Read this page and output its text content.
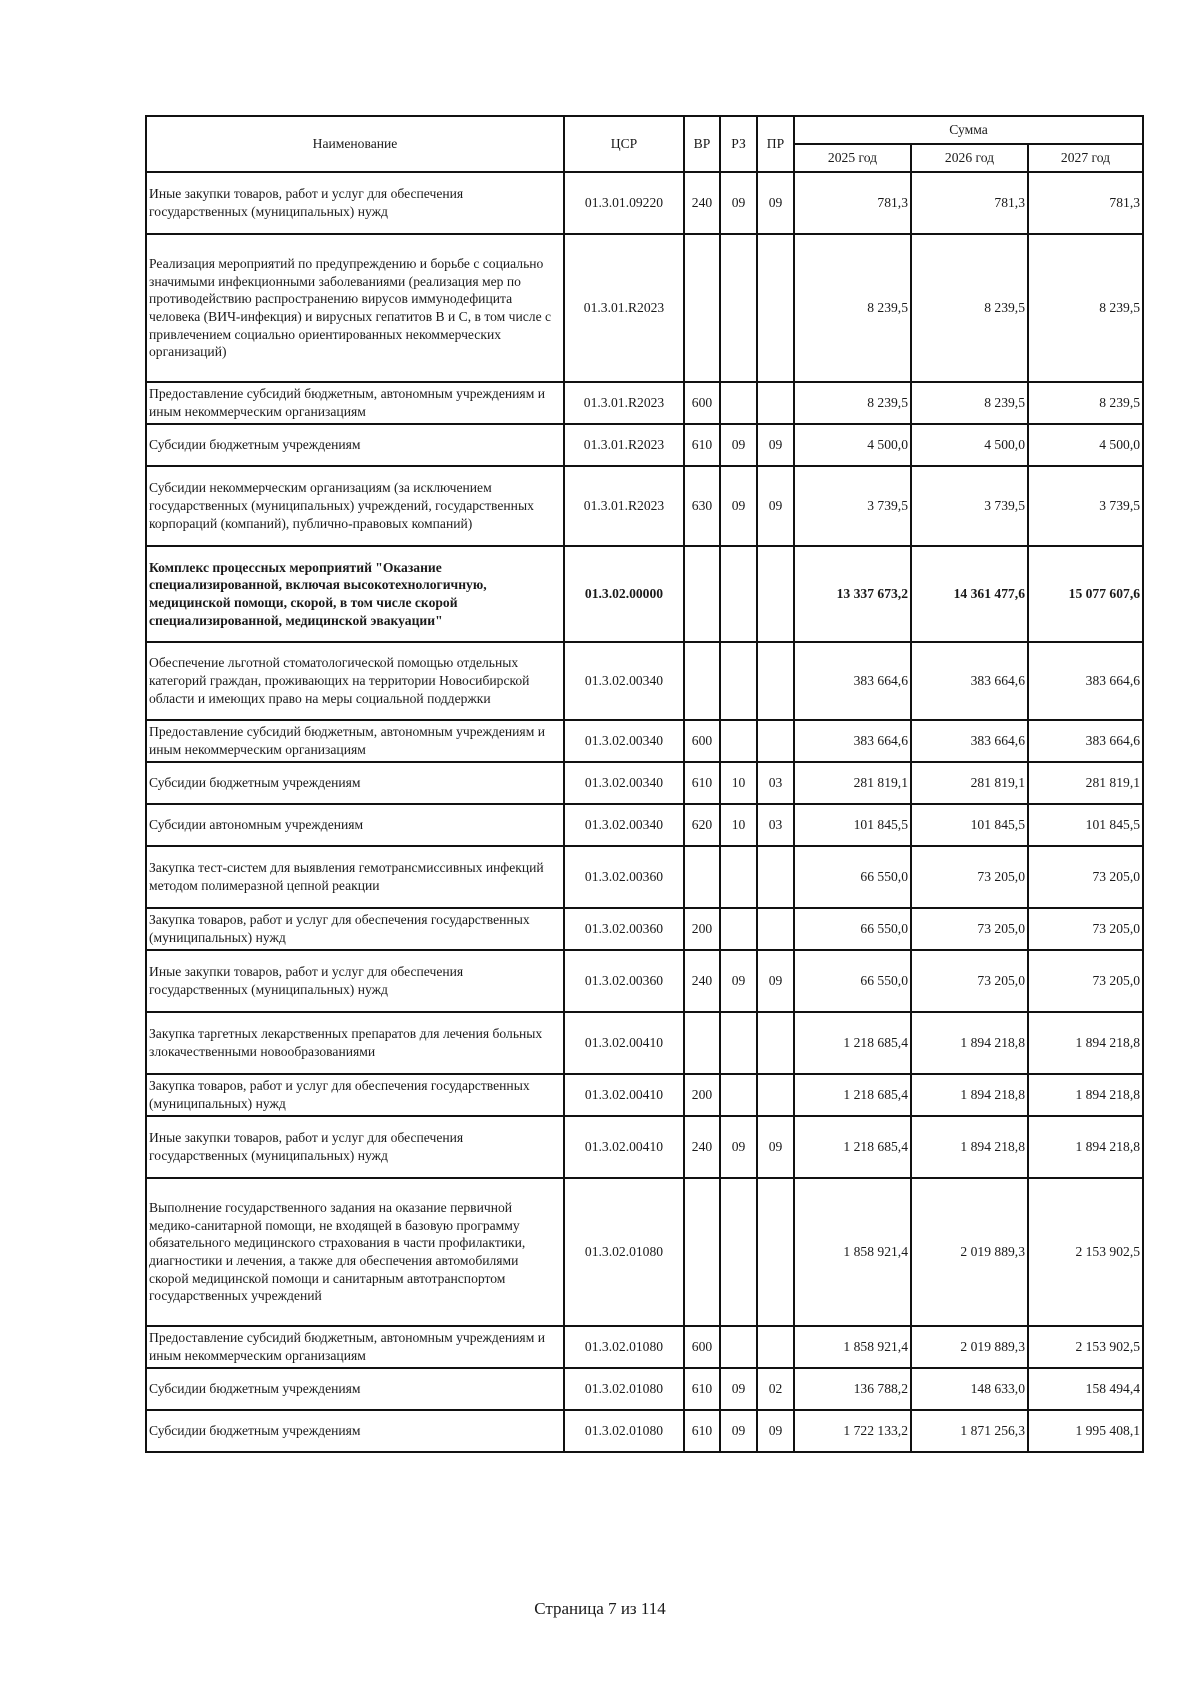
Наименование	ЦСР	ВР	РЗ	ПР	Сумма		
					2025 год	2026 год	2027 год
Иные закупки товаров, работ и услуг для обеспечения государственных (муниципальных) нужд	01.3.01.09220	240	09	09	781,3	781,3	781,3
Реализация мероприятий по предупреждению и борьбе с социально значимыми инфекционными заболеваниями (реализация мер по противодействию распространению вирусов иммунодефицита человека (ВИЧ-инфекция) и вирусных гепатитов В и С, в том числе с привлечением социально ориентированных некоммерческих организаций)	01.3.01.R2023				8 239,5	8 239,5	8 239,5
Предоставление субсидий бюджетным, автономным учреждениям и иным некоммерческим организациям	01.3.01.R2023	600			8 239,5	8 239,5	8 239,5
Субсидии бюджетным учреждениям	01.3.01.R2023	610	09	09	4 500,0	4 500,0	4 500,0
Субсидии некоммерческим организациям (за исключением государственных (муниципальных) учреждений, государственных корпораций (компаний), публично-правовых компаний)	01.3.01.R2023	630	09	09	3 739,5	3 739,5	3 739,5
Комплекс процессных мероприятий "Оказание специализированной, включая высокотехнологичную, медицинской помощи, скорой, в том числе скорой специализированной, медицинской эвакуации"	01.3.02.00000				13 337 673,2	14 361 477,6	15 077 607,6
Обеспечение льготной стоматологической помощью отдельных категорий граждан, проживающих на территории Новосибирской области и имеющих право на меры социальной поддержки	01.3.02.00340				383 664,6	383 664,6	383 664,6
Предоставление субсидий бюджетным, автономным учреждениям и иным некоммерческим организациям	01.3.02.00340	600			383 664,6	383 664,6	383 664,6
Субсидии бюджетным учреждениям	01.3.02.00340	610	10	03	281 819,1	281 819,1	281 819,1
Субсидии автономным учреждениям	01.3.02.00340	620	10	03	101 845,5	101 845,5	101 845,5
Закупка тест-систем для выявления гемотрансмиссивных инфекций методом полимеразной цепной реакции	01.3.02.00360				66 550,0	73 205,0	73 205,0
Закупка товаров, работ и услуг для обеспечения государственных (муниципальных) нужд	01.3.02.00360	200			66 550,0	73 205,0	73 205,0
Иные закупки товаров, работ и услуг для обеспечения государственных (муниципальных) нужд	01.3.02.00360	240	09	09	66 550,0	73 205,0	73 205,0
Закупка таргетных лекарственных препаратов для лечения больных злокачественными новообразованиями	01.3.02.00410				1 218 685,4	1 894 218,8	1 894 218,8
Закупка товаров, работ и услуг для обеспечения государственных (муниципальных) нужд	01.3.02.00410	200			1 218 685,4	1 894 218,8	1 894 218,8
Иные закупки товаров, работ и услуг для обеспечения государственных (муниципальных) нужд	01.3.02.00410	240	09	09	1 218 685,4	1 894 218,8	1 894 218,8
Выполнение государственного задания на оказание первичной медико-санитарной помощи, не входящей в базовую программу обязательного медицинского страхования в части профилактики, диагностики и лечения, а также для обеспечения автомобилями скорой медицинской помощи и санитарным автотранспортом государственных учреждений	01.3.02.01080				1 858 921,4	2 019 889,3	2 153 902,5
Предоставление субсидий бюджетным, автономным учреждениям и иным некоммерческим организациям	01.3.02.01080	600			1 858 921,4	2 019 889,3	2 153 902,5
Субсидии бюджетным учреждениям	01.3.02.01080	610	09	02	136 788,2	148 633,0	158 494,4
Субсидии бюджетным учреждениям	01.3.02.01080	610	09	09	1 722 133,2	1 871 256,3	1 995 408,1
Страница 7 из 114
